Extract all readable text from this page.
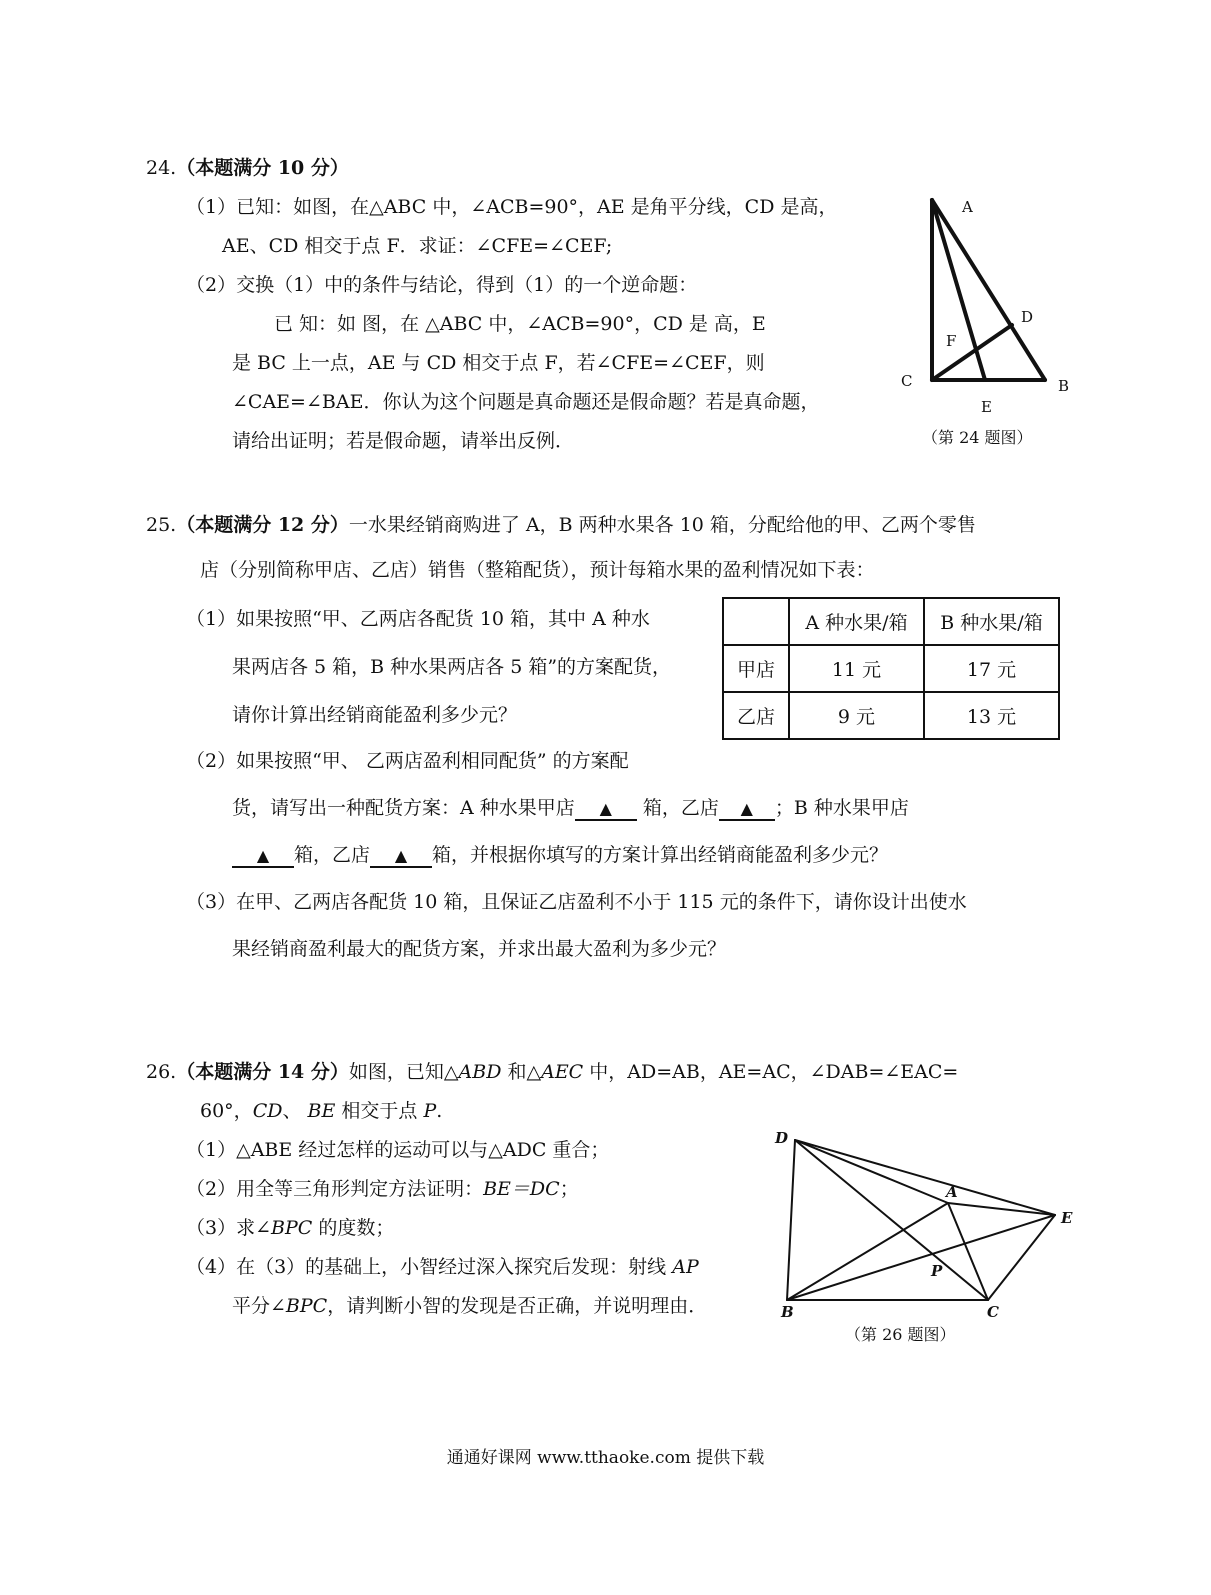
24.（本题满分 10 分）
（1）已知：如图，在△ABC 中，∠ACB=90°，AE 是角平分线，CD 是高，
AE、CD 相交于点 F．求证：∠CFE=∠CEF;
（2）交换（1）中的条件与结论，得到（1）的一个逆命题：
已 知：如 图，在 △ABC 中，∠ACB=90°，CD 是 高，E
是 BC 上一点，AE 与 CD 相交于点 F，若∠CFE=∠CEF，则
∠CAE=∠BAE．你认为这个问题是真命题还是假命题？若是真命题，
请给出证明；若是假命题，请举出反例．
A
D
F
C	B
E
（第 24 题图）
25.（本题满分 12 分）一水果经销商购进了 A，B 两种水果各 10 箱，分配给他的甲、乙两个零售
店（分别简称甲店、乙店）销售（整箱配货），预计每箱水果的盈利情况如下表：
（1）如果按照“甲、乙两店各配货 10 箱，其中 A 种水
果两店各 5 箱，B 种水果两店各 5 箱”的方案配货，
请你计算出经销商能盈利多少元？
	A 种水果/箱	B 种水果/箱
甲店	11 元	17 元
乙店	9 元	13 元
（2）如果按照“甲、 乙两店盈利相同配货” 的方案配
货，请写出一种配货方案：A 种水果甲店 ▲ 箱，乙店 ▲ ；B 种水果甲店
▲ 箱，乙店 ▲ 箱，并根据你填写的方案计算出经销商能盈利多少元？
（3）在甲、乙两店各配货 10 箱，且保证乙店盈利不小于 115 元的条件下，请你设计出使水
果经销商盈利最大的配货方案，并求出最大盈利为多少元？
26.（本题满分 14 分）如图，已知△ABD 和△AEC 中，AD=AB，AE=AC，∠DAB=∠EAC=
60°，CD、 BE 相交于点 P.
（1）△ABE 经过怎样的运动可以与△ADC 重合；
（2）用全等三角形判定方法证明：BE＝DC；
（3）求∠BPC 的度数；
（4）在（3）的基础上，小智经过深入探究后发现：射线 AP
平分∠BPC，请判断小智的发现是否正确，并说明理由．
D
A
E
P
B	C
（第 26 题图）
通通好课网 www.tthaoke.com 提供下载
